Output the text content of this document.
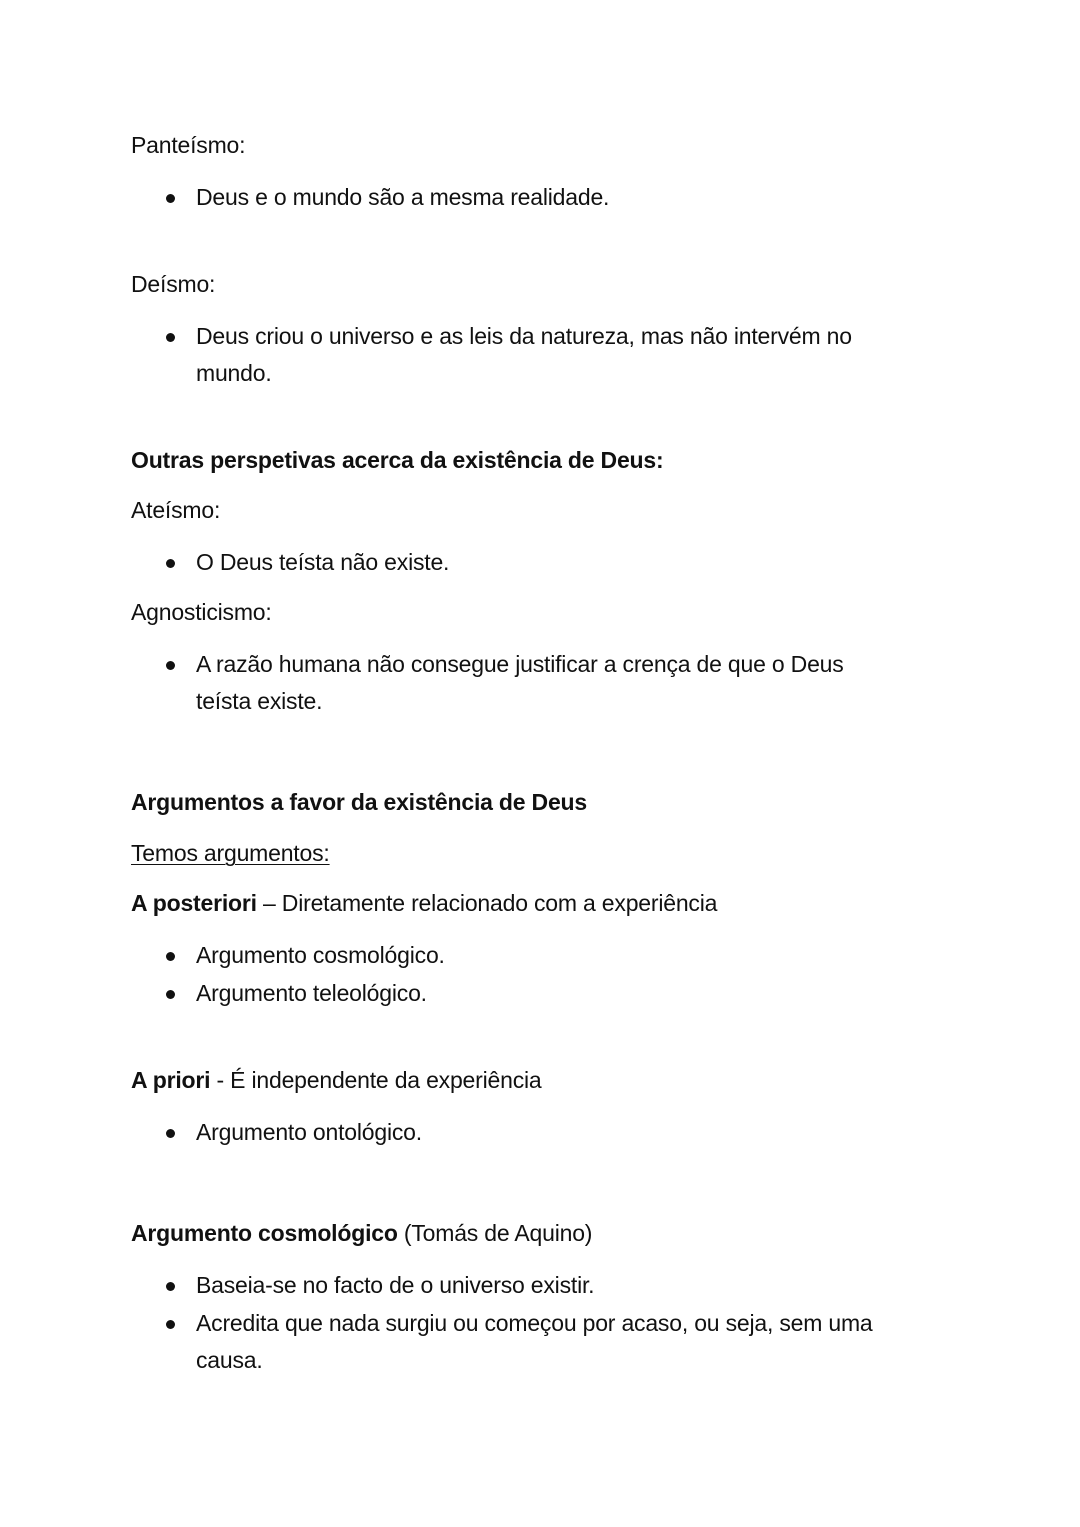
Panteísmo:
Deus e o mundo são a mesma realidade.
Deísmo:
Deus criou o universo e as leis da natureza, mas não intervém no
mundo.
Outras perspetivas acerca da existência de Deus:
Ateísmo:
O Deus teísta não existe.
Agnosticismo:
A razão humana não consegue justificar a crença de que o Deus
teísta existe.
Argumentos a favor da existência de Deus
Temos argumentos:
A posteriori – Diretamente relacionado com a experiência
Argumento cosmológico.
Argumento teleológico.
A priori - É independente da experiência
Argumento ontológico.
Argumento cosmológico (Tomás de Aquino)
Baseia-se no facto de o universo existir.
Acredita que nada surgiu ou começou por acaso, ou seja, sem uma
causa.
